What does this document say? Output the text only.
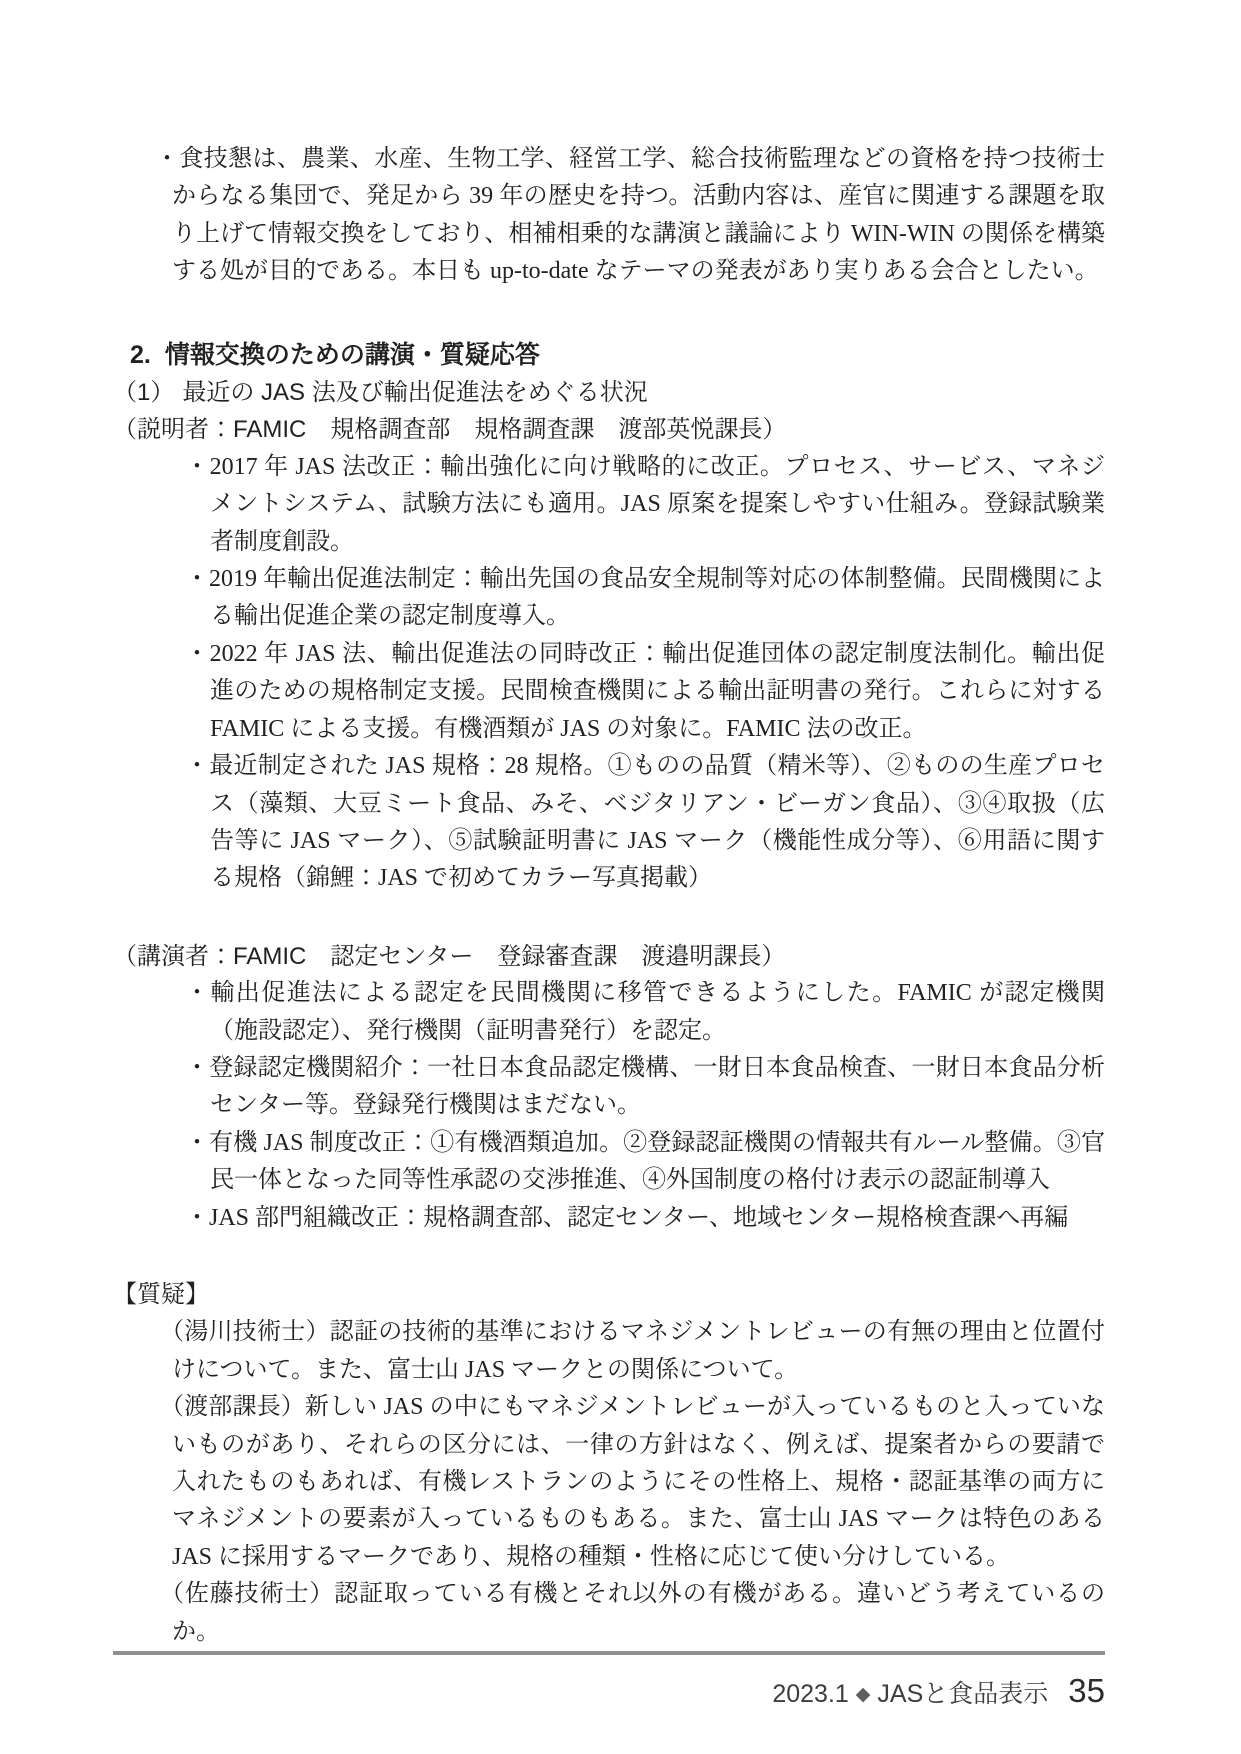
・食技懇は、農業、水産、生物工学、経営工学、総合技術監理などの資格を持つ技術士からなる集団で、発足から 39 年の歴史を持つ。活動内容は、産官に関連する課題を取り上げて情報交換をしており、相補相乗的な講演と議論により WIN-WIN の関係を構築する処が目的である。本日も up-to-date なテーマの発表があり実りある会合としたい。

2. 情報交換のための講演・質疑応答

（1） 最近の JAS 法及び輸出促進法をめぐる状況

（説明者：FAMIC　規格調査部　規格調査課　渡部英悦課長）

・2017 年 JAS 法改正：輸出強化に向け戦略的に改正。プロセス、サービス、マネジメントシステム、試験方法にも適用。JAS 原案を提案しやすい仕組み。登録試験業者制度創設。

・2019 年輸出促進法制定：輸出先国の食品安全規制等対応の体制整備。民間機関による輸出促進企業の認定制度導入。

・2022 年 JAS 法、輸出促進法の同時改正：輸出促進団体の認定制度法制化。輸出促進のための規格制定支援。民間検査機関による輸出証明書の発行。これらに対する FAMIC による支援。有機酒類が JAS の対象に。FAMIC 法の改正。

・最近制定された JAS 規格：28 規格。①ものの品質（精米等）、②ものの生産プロセス（藻類、大豆ミート食品、みそ、ベジタリアン・ビーガン食品）、③④取扱（広告等に JAS マーク）、⑤試験証明書に JAS マーク（機能性成分等）、⑥用語に関する規格（錦鯉：JAS で初めてカラー写真掲載）

（講演者：FAMIC　認定センター　登録審査課　渡邉明課長）

・輸出促進法による認定を民間機関に移管できるようにした。FAMIC が認定機関（施設認定）、発行機関（証明書発行）を認定。

・登録認定機関紹介：一社日本食品認定機構、一財日本食品検査、一財日本食品分析センター等。登録発行機関はまだない。

・有機 JAS 制度改正：①有機酒類追加。②登録認証機関の情報共有ルール整備。③官民一体となった同等性承認の交渉推進、④外国制度の格付け表示の認証制導入

・JAS 部門組織改正：規格調査部、認定センター、地域センター規格検査課へ再編

【質疑】

（湯川技術士）認証の技術的基準におけるマネジメントレビューの有無の理由と位置付けについて。また、富士山 JAS マークとの関係について。

（渡部課長）新しい JAS の中にもマネジメントレビューが入っているものと入っていないものがあり、それらの区分には、一律の方針はなく、例えば、提案者からの要請で入れたものもあれば、有機レストランのようにその性格上、規格・認証基準の両方にマネジメントの要素が入っているものもある。また、富士山 JAS マークは特色のある JAS に採用するマークであり、規格の種類・性格に応じて使い分けしている。

（佐藤技術士）認証取っている有機とそれ以外の有機がある。違いどう考えているのか。

2023.1 ◆ JASと食品表示 35
